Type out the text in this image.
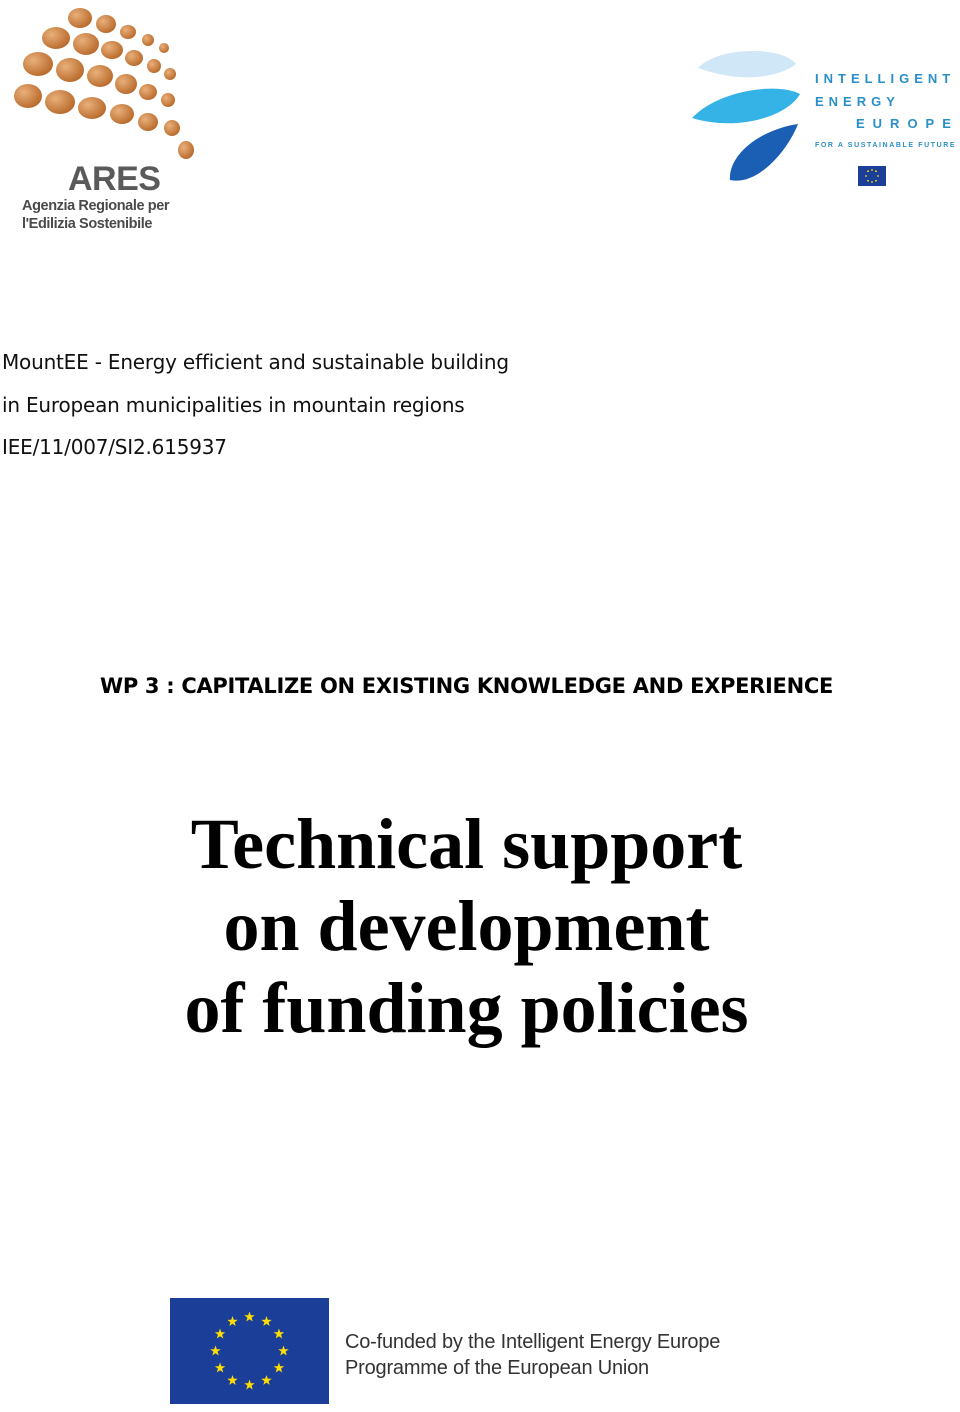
ARES
Agenzia Regionale per
l'Edilizia Sostenibile
INTELLIGENT
ENERGY
EUROPE
FOR A SUSTAINABLE FUTURE
MountEE - Energy efficient and sustainable building
in European municipalities in mountain regions
IEE/11/007/SI2.615937
WP 3 : CAPITALIZE ON EXISTING KNOWLEDGE AND EXPERIENCE
Technical support
on development
of funding policies
Co-funded by the Intelligent Energy Europe
Programme of the European Union
